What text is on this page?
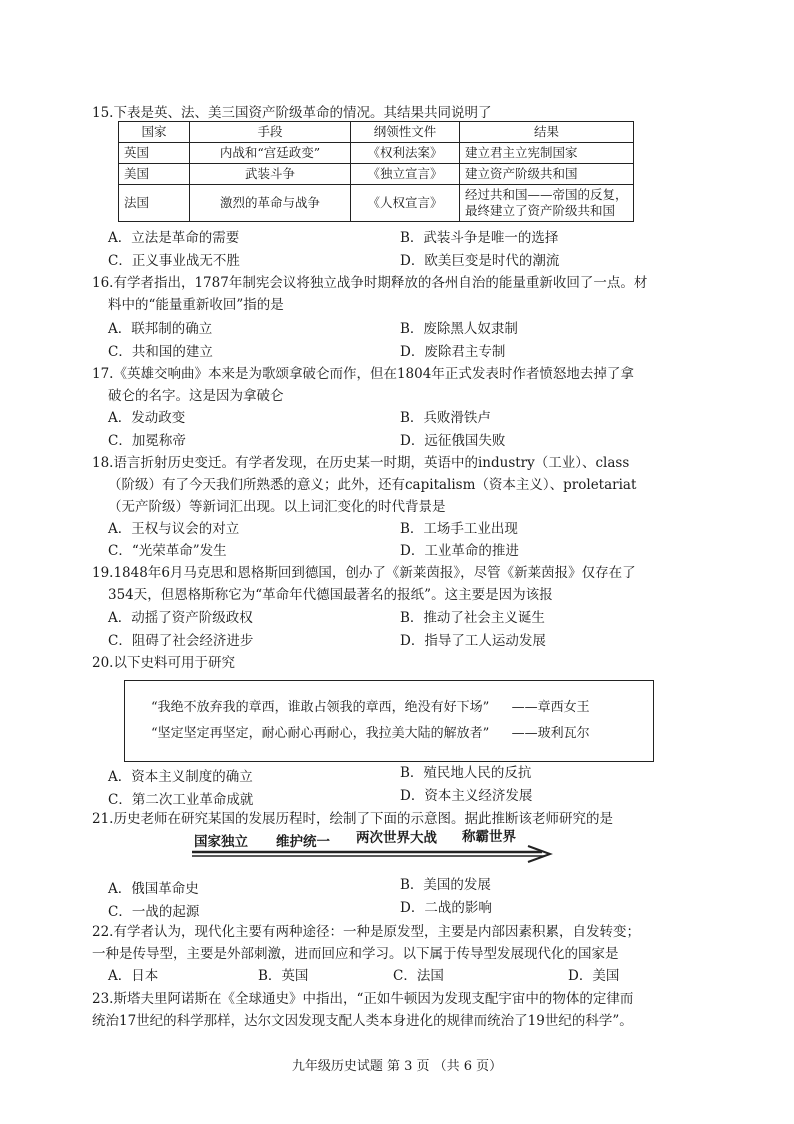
15.下表是英、法、美三国资产阶级革命的情况。其结果共同说明了
国家	手段	纲领性文件	结果
英国	内战和“宫廷政变”	《权利法案》	建立君主立宪制国家
美国	武装斗争	《独立宣言》	建立资产阶级共和国
法国	激烈的革命与战争	《人权宣言》	经过共和国——帝国的反复，
最终建立了资产阶级共和国
A．立法是革命的需要	B．武装斗争是唯一的选择
C．正义事业战无不胜	D．欧美巨变是时代的潮流
16.有学者指出，1787年制宪会议将独立战争时期释放的各州自治的能量重新收回了一点。材
料中的“能量重新收回”指的是
A．联邦制的确立	B．废除黑人奴隶制
C．共和国的建立	D．废除君主专制
17.《英雄交响曲》本来是为歌颂拿破仑而作，但在1804年正式发表时作者愤怒地去掉了拿
破仑的名字。这是因为拿破仑
A．发动政变	B．兵败滑铁卢
C．加冕称帝	D．远征俄国失败
18.语言折射历史变迁。有学者发现，在历史某一时期，英语中的industry（工业）、class
（阶级）有了今天我们所熟悉的意义；此外，还有capitalism（资本主义）、proletariat
（无产阶级）等新词汇出现。以上词汇变化的时代背景是
A．王权与议会的对立	B．工场手工业出现
C．“光荣革命”发生	D．工业革命的推进
19.1848年6月马克思和恩格斯回到德国，创办了《新莱茵报》，尽管《新莱茵报》仅存在了
354天，但恩格斯称它为“革命年代德国最著名的报纸”。这主要是因为该报
A．动摇了资产阶级政权	B．推动了社会主义诞生
C．阻碍了社会经济进步	D．指导了工人运动发展
20.以下史料可用于研究
“我绝不放弃我的章西，谁敢占领我的章西，绝没有好下场” ——章西女王
“坚定坚定再坚定，耐心耐心再耐心，我拉美大陆的解放者” ——玻利瓦尔
A．资本主义制度的确立	B．殖民地人民的反抗
C．第二次工业革命成就	D．资本主义经济发展
21.历史老师在研究某国的发展历程时，绘制了下面的示意图。据此推断该老师研究的是
国家独立 维护统一 两次世界大战 称霸世界
A．俄国革命史	B．美国的发展
C．一战的起源	D．二战的影响
22.有学者认为，现代化主要有两种途径：一种是原发型，主要是内部因素积累，自发转变；
一种是传导型，主要是外部刺激，进而回应和学习。以下属于传导型发展现代化的国家是
A．日本	B．英国	C．法国	D．美国
23.斯塔夫里阿诺斯在《全球通史》中指出，“正如牛顿因为发现支配宇宙中的物体的定律而
统治17世纪的科学那样，达尔文因发现支配人类本身进化的规律而统治了19世纪的科学”。
九年级历史试题 第 3 页 （共 6 页）
